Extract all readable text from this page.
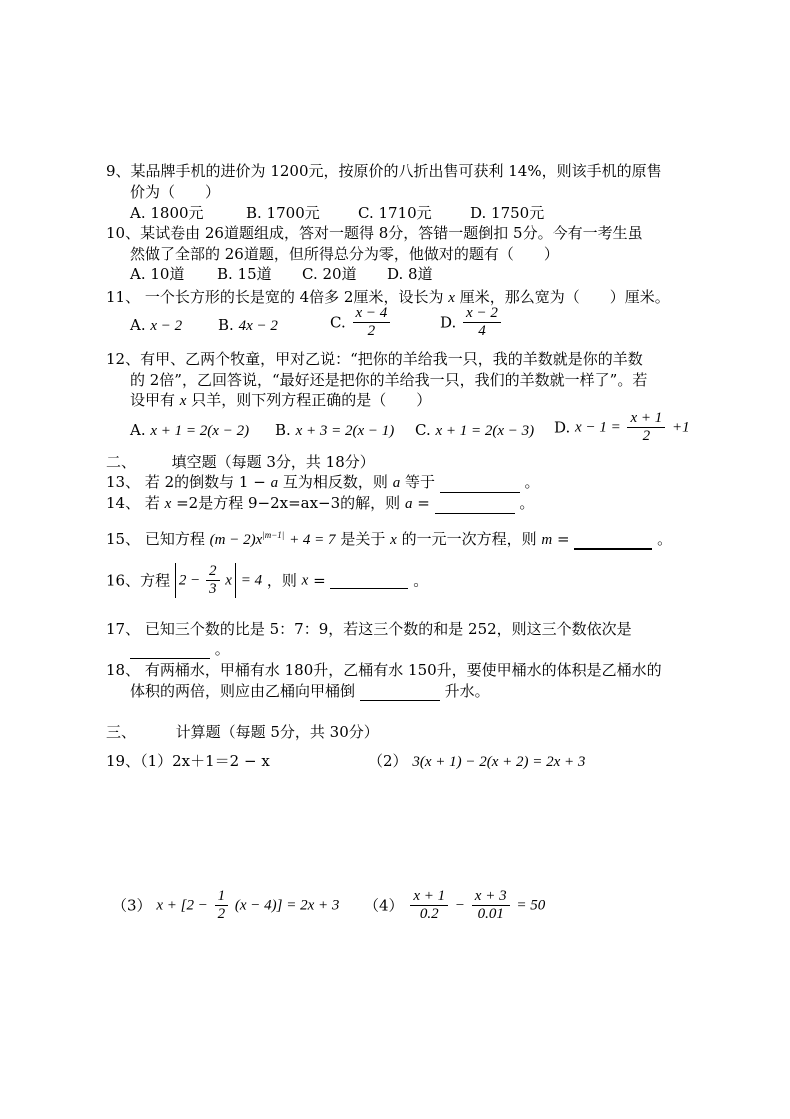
9、某品牌手机的进价为 1200元，按原价的八折出售可获利 14%，则该手机的原售
价为（　　）
A. 1800元	B. 1700元	C. 1710元	D. 1750元
10、某试卷由 26道题组成，答对一题得 8分，答错一题倒扣 5分。今有一考生虽
然做了全部的 26道题，但所得总分为零，他做对的题有（　　）
A. 10道 B. 15道 C. 20道 D. 8道
11、 一个长方形的长是宽的 4倍多 2厘米，设长为 x 厘米，那么宽为（　　）厘米。
A. x − 2 B. 4x − 2	C. $\frac{x - 4}{2}$	D. $\frac{x - 2}{4}$
12、有甲、乙两个牧童，甲对乙说：“把你的羊给我一只，我的羊数就是你的羊数
的 2倍”，乙回答说，“最好还是把你的羊给我一只，我们的羊数就一样了”。若
设甲有 x 只羊，则下列方程正确的是（　　）
A. x + 1 = 2(x − 2) B. x + 3 = 2(x − 1) C. x + 1 = 2(x − 3) D. $x - 1 = \frac{x + 1}{2} +1$
二、 填空题（每题 3分，共 18分）
13、 若 2的倒数与 1 − a 互为相反数，则 a 等于	。
14、 若 x =2是方程 9−2x=ax−3的解，则 a =	。
15、 已知方程 $(m - 2)x^{|m-1|} + 4 = 7$ 是关于 x 的一元一次方程，则 m =	。
16、方程 $2 - \frac{2}{3}$ x = 4 ，则 x =	。
17、 已知三个数的比是 5：7：9，若这三个数的和是 252，则这三个数依次是
。
18、 有两桶水，甲桶有水 180升，乙桶有水 150升，要使甲桶水的体积是乙桶水的
体积的两倍，则应由乙桶向甲桶倒	升水。
三、	计算题（每题 5分，共 30分）
19、（1）2x＋1＝2 − x	（2） 3(x + 1) − 2(x + 2) = 2x + 3
（3） $x + [2 - \frac{1}{2} (x - 4)] = 2x + 3$ $(4) \frac{x + 1}{0.2} - \frac{x + 3}{0.01} = 50$
